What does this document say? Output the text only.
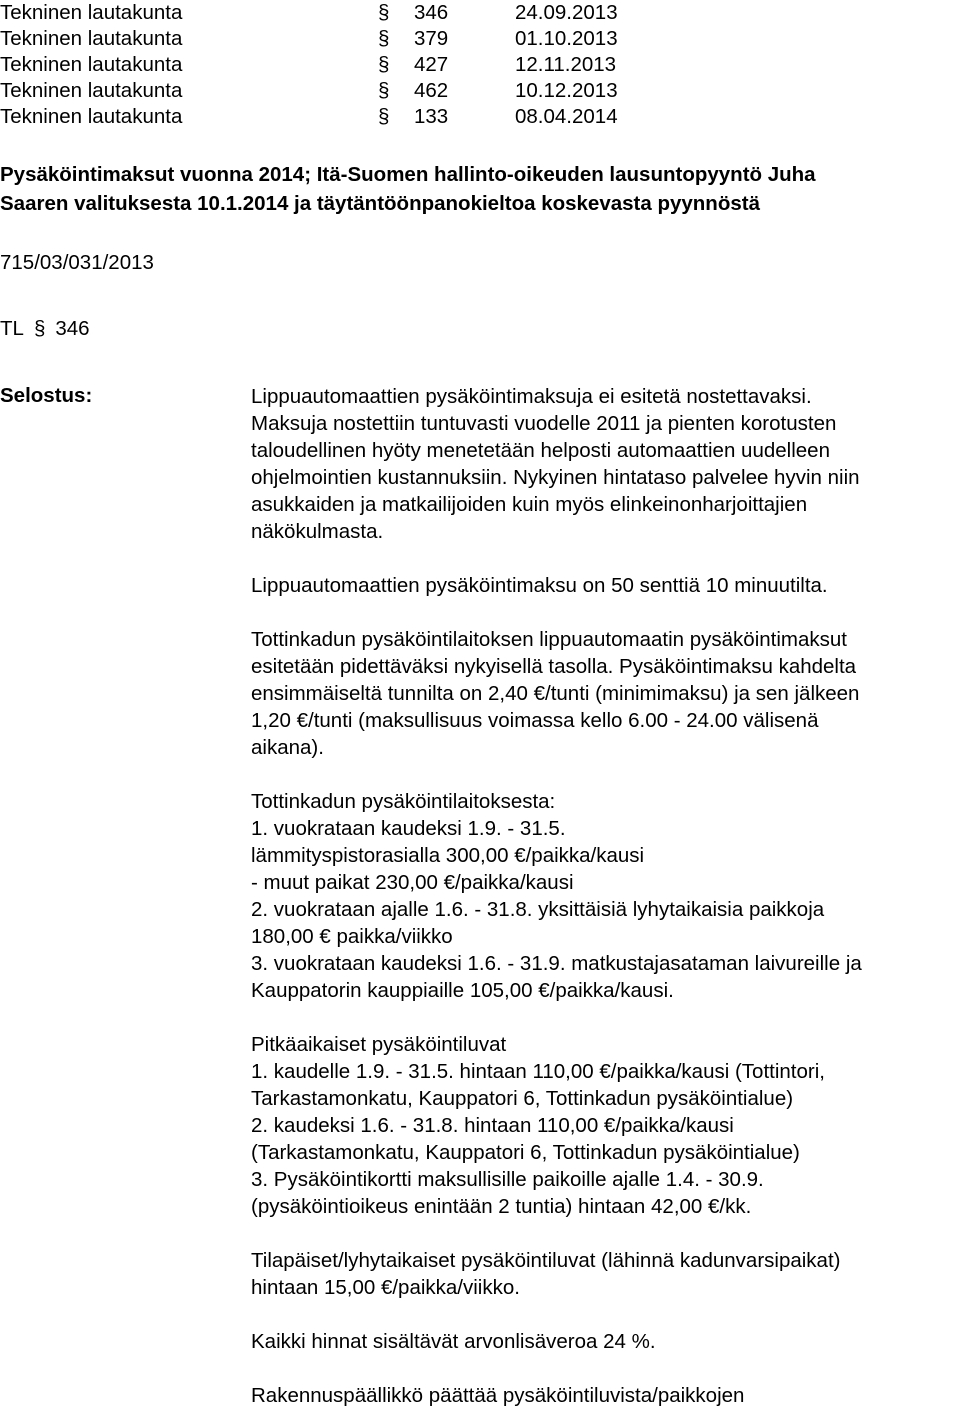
Tekninen lautakunta	§ 346	24.09.2013
Tekninen lautakunta	§ 379	01.10.2013
Tekninen lautakunta	§ 427	12.11.2013
Tekninen lautakunta	§ 462	10.12.2013
Tekninen lautakunta	§ 133	08.04.2014
Pysäköintimaksut vuonna 2014; Itä-Suomen hallinto-oikeuden lausuntopyyntö Juha
Saaren valituksesta 10.1.2014 ja täytäntöönpanokieltoa koskevasta pyynnöstä
715/03/031/2013
TL § 346
Selostus:	Lippuautomaattien pysäköintimaksuja ei esitetä nostettavaksi.
Maksuja nostettiin tuntuvasti vuodelle 2011 ja pienten korotusten
taloudellinen hyöty menetetään helposti automaattien uudelleen
ohjelmointien kustannuksiin. Nykyinen hintataso palvelee hyvin niin
asukkaiden ja matkailijoiden kuin myös elinkeinonharjoittajien
näkökulmasta.

Lippuautomaattien pysäköintimaksu on 50 senttiä 10 minuutilta.

Tottinkadun pysäköintilaitoksen lippuautomaatin pysäköintimaksut
esitetään pidettäväksi nykyisellä tasolla. Pysäköintimaksu kahdelta
ensimmäiseltä tunnilta on 2,40 €/tunti (minimimaksu) ja sen jälkeen
1,20 €/tunti (maksullisuus voimassa kello 6.00 - 24.00 välisenä
aikana).

Tottinkadun pysäköintilaitoksesta:
1. vuokrataan kaudeksi 1.9. - 31.5.
lämmityspistorasialla 300,00 €/paikka/kausi
- muut paikat 230,00 €/paikka/kausi
2. vuokrataan ajalle 1.6. - 31.8. yksittäisiä lyhytaikaisia paikkoja
180,00 € paikka/viikko
3. vuokrataan kaudeksi 1.6. - 31.9. matkustajasataman laivureille ja
Kauppatorin kauppiaille 105,00 €/paikka/kausi.

Pitkäaikaiset pysäköintiluvat
1. kaudelle 1.9. - 31.5. hintaan 110,00 €/paikka/kausi (Tottintori,
Tarkastamonkatu, Kauppatori 6, Tottinkadun pysäköintialue)
2. kaudeksi 1.6. - 31.8. hintaan 110,00 €/paikka/kausi
(Tarkastamonkatu, Kauppatori 6, Tottinkadun pysäköintialue)
3. Pysäköintikortti maksullisille paikoille ajalle 1.4. - 30.9.
(pysäköintioikeus enintään 2 tuntia) hintaan 42,00 €/kk.

Tilapäiset/lyhytaikaiset pysäköintiluvat (lähinnä kadunvarsipaikat)
hintaan 15,00 €/paikka/viikko.

Kaikki hinnat sisältävät arvonlisäveroa 24 %.

Rakennuspäällikkö päättää pysäköintiluvista/paikkojen
